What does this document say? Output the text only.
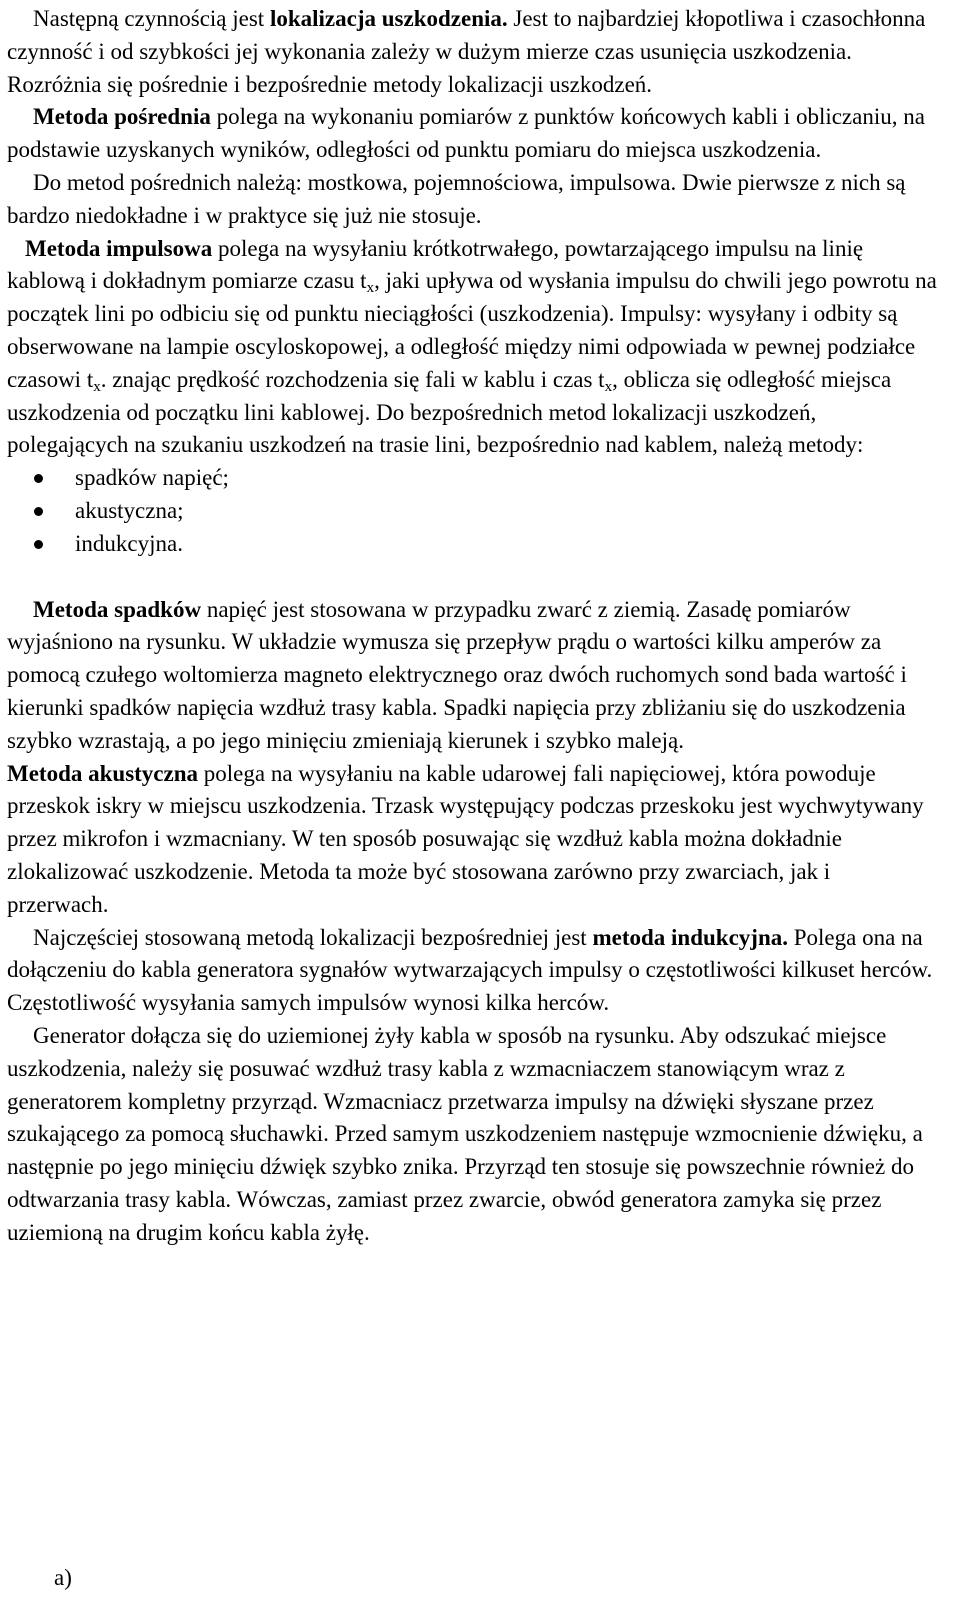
Następną czynnością jest lokalizacja uszkodzenia. Jest to najbardziej kłopotliwa i czasochłonna czynność i od szybkości jej wykonania zależy w dużym mierze czas usunięcia uszkodzenia. Rozróżnia się pośrednie i bezpośrednie metody lokalizacji uszkodzeń.

Metoda pośrednia polega na wykonaniu pomiarów z punktów końcowych kabli i obliczaniu, na podstawie uzyskanych wyników, odległości od punktu pomiaru do miejsca uszkodzenia.

Do metod pośrednich należą: mostkowa, pojemnościowa, impulsowa. Dwie pierwsze z nich są bardzo niedokładne i w praktyce się już nie stosuje.

Metoda impulsowa polega na wysyłaniu krótkotrwałego, powtarzającego impulsu na linię kablową i dokładnym pomiarze czasu $t_x$, jaki upływa od wysłania impulsu do chwili jego powrotu na początek lini po odbiciu się od punktu nieciągłości (uszkodzenia). Impulsy: wysyłany i odbity są obserwowane na lampie oscyloskopowej, a odległość między nimi odpowiada w pewnej podziałce czasowi $t_x$. znając prędkość rozchodzenia się fali w kablu i czas $t_x$, oblicza się odległość miejsca uszkodzenia od początku lini kablowej. Do bezpośrednich metod lokalizacji uszkodzeń, polegających na szukaniu uszkodzeń na trasie lini, bezpośrednio nad kablem, należą metody:

spadków napięć;
akustyczna;
indukcyjna.

Metoda spadków napięć jest stosowana w przypadku zwarć z ziemią. Zasadę pomiarów wyjaśniono na rysunku. W układzie wymusza się przepływ prądu o wartości kilku amperów za pomocą czułego woltomierza magneto elektrycznego oraz dwóch ruchomych sond bada wartość i kierunki spadków napięcia wzdłuż trasy kabla. Spadki napięcia przy zbliżaniu się do uszkodzenia szybko wzrastają, a po jego minięciu zmieniają kierunek i szybko maleją.

Metoda akustyczna polega na wysyłaniu na kable udarowej fali napięciowej, która powoduje przeskok iskry w miejscu uszkodzenia. Trzask występujący podczas przeskoku jest wychwytywany przez mikrofon i wzmacniany. W ten sposób posuwając się wzdłuż kabla można dokładnie zlokalizować uszkodzenie. Metoda ta może być stosowana zarówno przy zwarciach, jak i przerwach.

Najczęściej stosowaną metodą lokalizacji bezpośredniej jest metoda indukcyjna. Polega ona na dołączeniu do kabla generatora sygnałów wytwarzających impulsy o częstotliwości kilkuset herców. Częstotliwość wysyłania samych impulsów wynosi kilka herców.

Generator dołącza się do uziemionej żyły kabla w sposób na rysunku. Aby odszukać miejsce uszkodzenia, należy się posuwać wzdłuż trasy kabla z wzmacniaczem stanowiącym wraz z generatorem kompletny przyrząd. Wzmacniacz przetwarza impulsy na dźwięki słyszane przez szukającego za pomocą słuchawki. Przed samym uszkodzeniem następuje wzmocnienie dźwięku, a następnie po jego minięciu dźwięk szybko znika. Przyrząd ten stosuje się powszechnie również do odtwarzania trasy kabla. Wówczas, zamiast przez zwarcie, obwód generatora zamyka się przez uziemioną na drugim końcu kabla żyłę.

a)
